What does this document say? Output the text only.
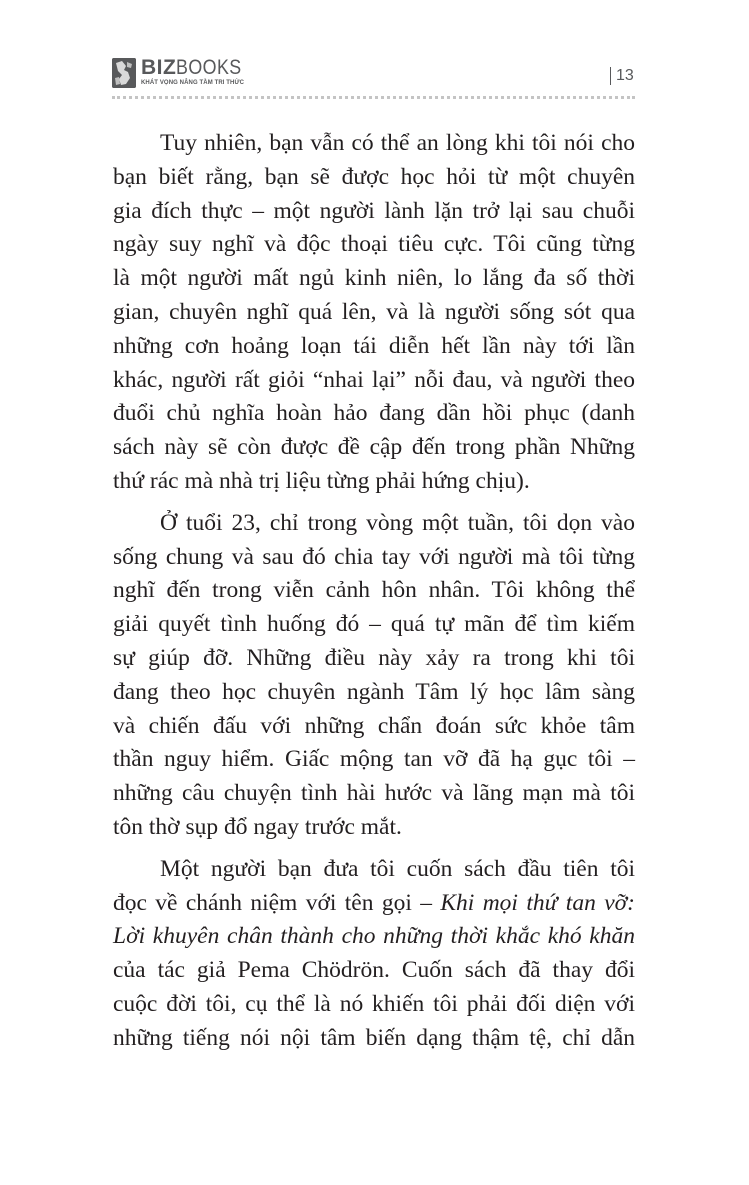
BIZBOOKS
KHÁT VỌNG NÂNG TẦM TRI THỨC	13
Tuy nhiên, bạn vẫn có thể an lòng khi tôi nói cho
bạn biết rằng, bạn sẽ được học hỏi từ một chuyên
gia đích thực – một người lành lặn trở lại sau chuỗi
ngày suy nghĩ và độc thoại tiêu cực. Tôi cũng từng
là một người mất ngủ kinh niên, lo lắng đa số thời
gian, chuyên nghĩ quá lên, và là người sống sót qua
những cơn hoảng loạn tái diễn hết lần này tới lần
khác, người rất giỏi “nhai lại” nỗi đau, và người theo
đuổi chủ nghĩa hoàn hảo đang dần hồi phục (danh
sách này sẽ còn được đề cập đến trong phần Những
thứ rác mà nhà trị liệu từng phải hứng chịu).
Ở tuổi 23, chỉ trong vòng một tuần, tôi dọn vào
sống chung và sau đó chia tay với người mà tôi từng
nghĩ đến trong viễn cảnh hôn nhân. Tôi không thể
giải quyết tình huống đó – quá tự mãn để tìm kiếm
sự giúp đỡ. Những điều này xảy ra trong khi tôi
đang theo học chuyên ngành Tâm lý học lâm sàng
và chiến đấu với những chẩn đoán sức khỏe tâm
thần nguy hiểm. Giấc mộng tan vỡ đã hạ gục tôi –
những câu chuyện tình hài hước và lãng mạn mà tôi
tôn thờ sụp đổ ngay trước mắt.
Một người bạn đưa tôi cuốn sách đầu tiên tôi
đọc về chánh niệm với tên gọi – Khi mọi thứ tan vỡ:
Lời khuyên chân thành cho những thời khắc khó khăn
của tác giả Pema Chödrön. Cuốn sách đã thay đổi
cuộc đời tôi, cụ thể là nó khiến tôi phải đối diện với
những tiếng nói nội tâm biến dạng thậm tệ, chỉ dẫn
